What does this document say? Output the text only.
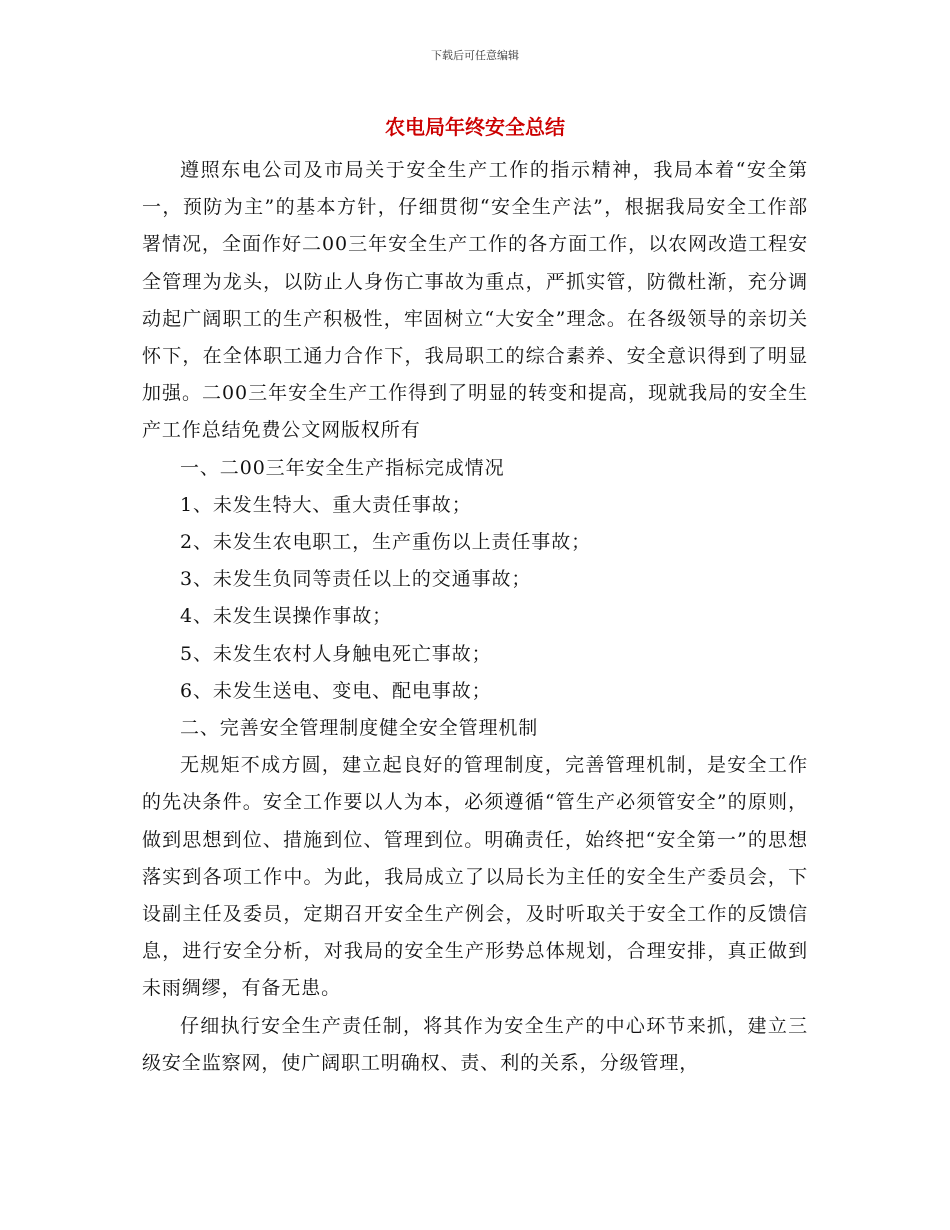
下载后可任意编辑
农电局年终安全总结

遵照东电公司及市局关于安全生产工作的指示精神，我局本着“安全第一，预防为主”的基本方针，仔细贯彻“安全生产法”，根据我局安全工作部署情况，全面作好二00三年安全生产工作的各方面工作，以农网改造工程安全管理为龙头，以防止人身伤亡事故为重点，严抓实管，防微杜渐，充分调动起广阔职工的生产积极性，牢固树立“大安全”理念。在各级领导的亲切关怀下，在全体职工通力合作下，我局职工的综合素养、安全意识得到了明显加强。二00三年安全生产工作得到了明显的转变和提高，现就我局的安全生产工作总结免费公文网版权所有

一、二00三年安全生产指标完成情况

1、未发生特大、重大责任事故；

2、未发生农电职工，生产重伤以上责任事故；

3、未发生负同等责任以上的交通事故；

4、未发生误操作事故；

5、未发生农村人身触电死亡事故；

6、未发生送电、变电、配电事故；

二、完善安全管理制度健全安全管理机制

无规矩不成方圆，建立起良好的管理制度，完善管理机制，是安全工作的先决条件。安全工作要以人为本，必须遵循“管生产必须管安全”的原则，做到思想到位、措施到位、管理到位。明确责任，始终把“安全第一”的思想落实到各项工作中。为此，我局成立了以局长为主任的安全生产委员会，下设副主任及委员，定期召开安全生产例会，及时听取关于安全工作的反馈信息，进行安全分析，对我局的安全生产形势总体规划，合理安排，真正做到未雨绸缪，有备无患。

仔细执行安全生产责任制，将其作为安全生产的中心环节来抓，建立三级安全监察网，使广阔职工明确权、责、利的关系，分级管理，
